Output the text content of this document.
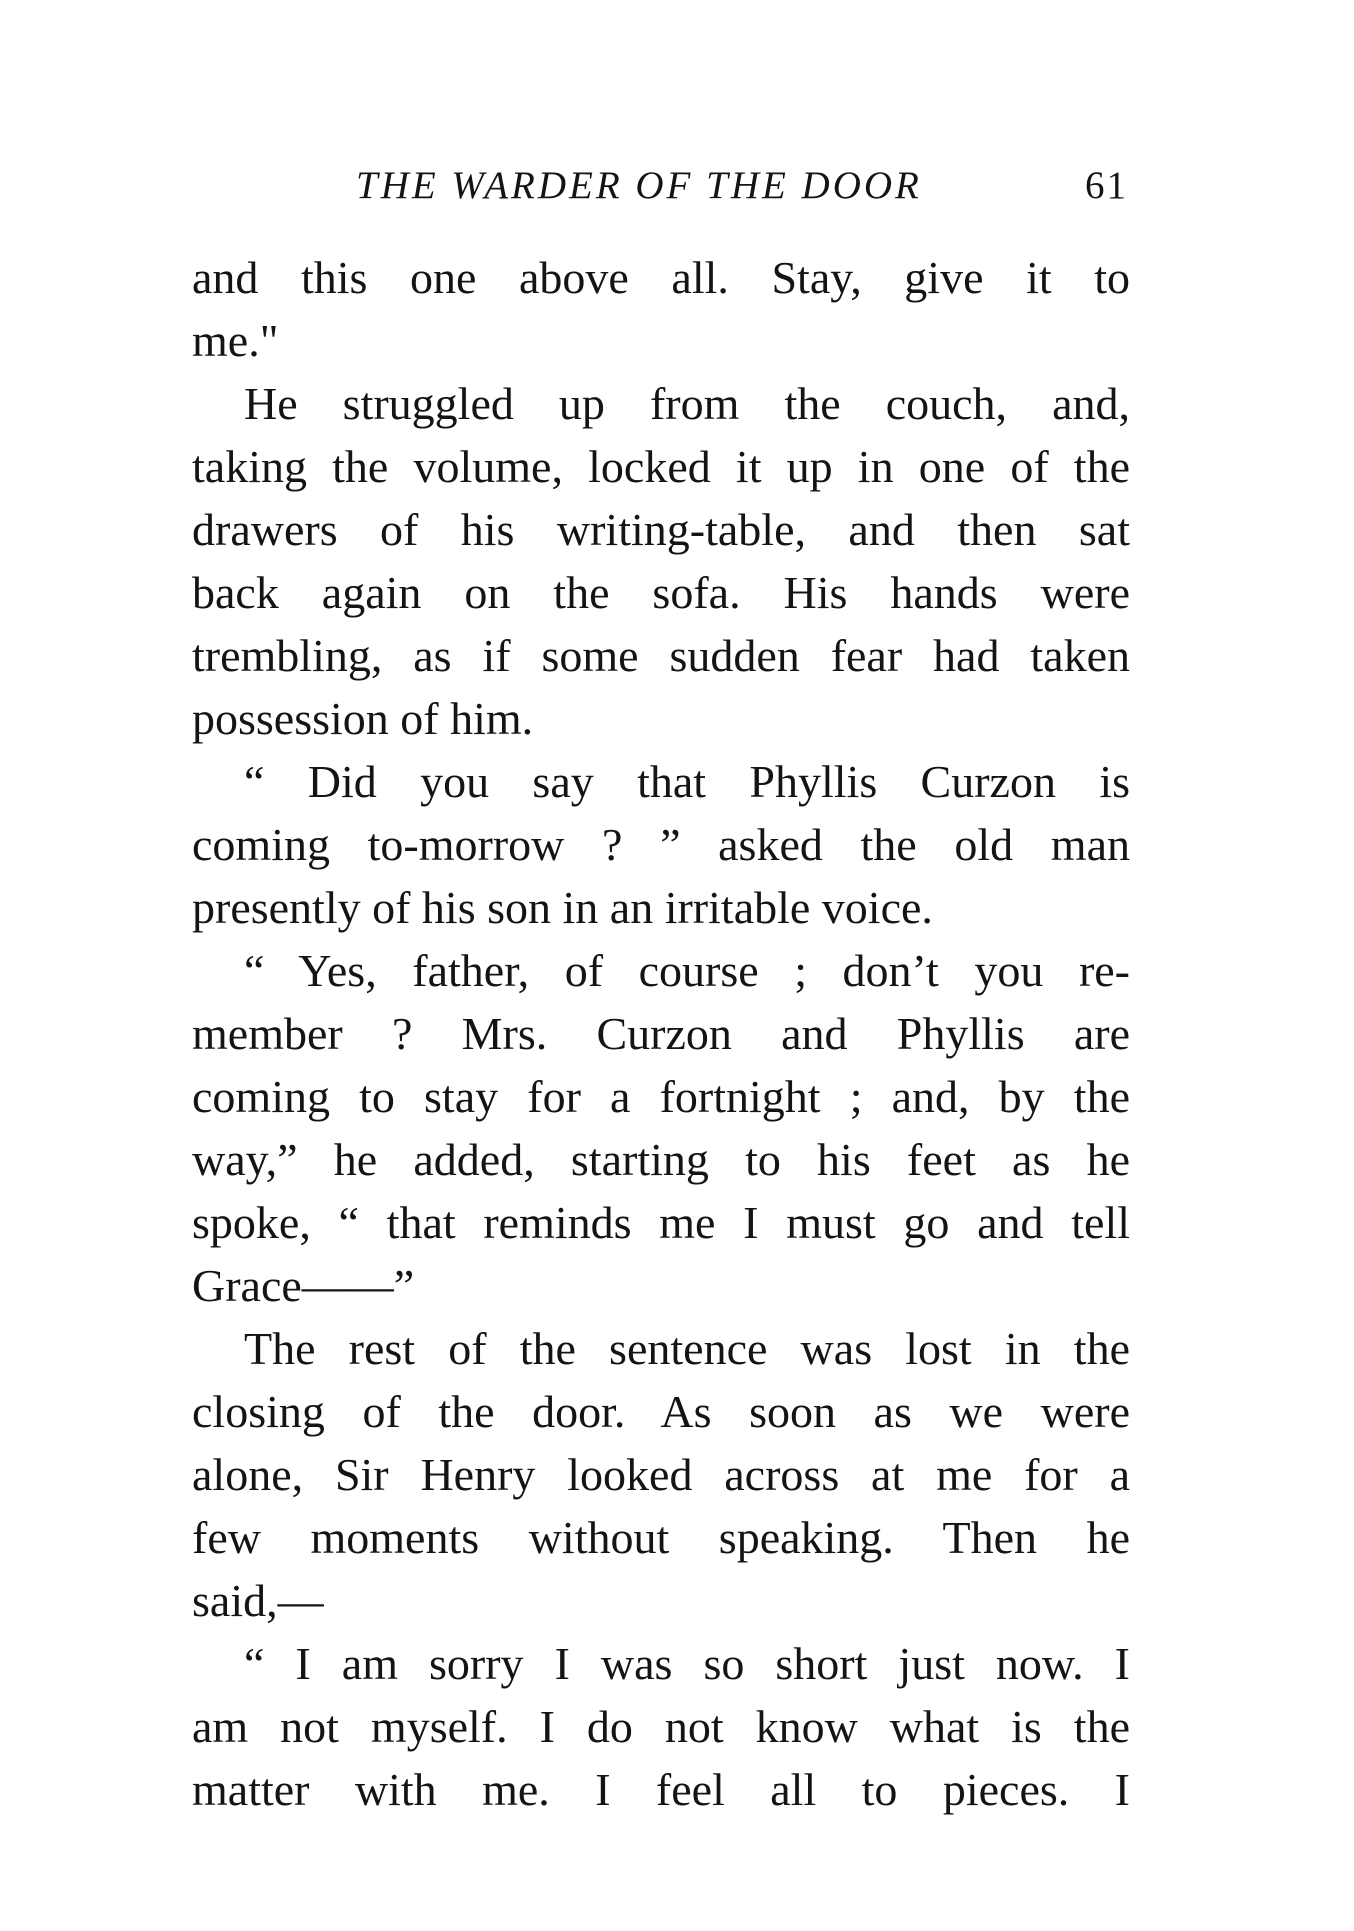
THE WARDER OF THE DOOR	61
and this one above all. Stay, give it to
me."
He struggled up from the couch, and,
taking the volume, locked it up in one of the
drawers of his writing-table, and then sat
back again on the sofa. His hands were
trembling, as if some sudden fear had taken
possession of him.
“ Did you say that Phyllis Curzon is
coming to-morrow ? ” asked the old man
presently of his son in an irritable voice.
“ Yes, father, of course ; don’t you re-
member ? Mrs. Curzon and Phyllis are
coming to stay for a fortnight ; and, by the
way,” he added, starting to his feet as he
spoke, “ that reminds me I must go and tell
Grace——”
The rest of the sentence was lost in the
closing of the door. As soon as we were
alone, Sir Henry looked across at me for a
few moments without speaking. Then he
said,—
“ I am sorry I was so short just now. I
am not myself. I do not know what is the
matter with me. I feel all to pieces. I
